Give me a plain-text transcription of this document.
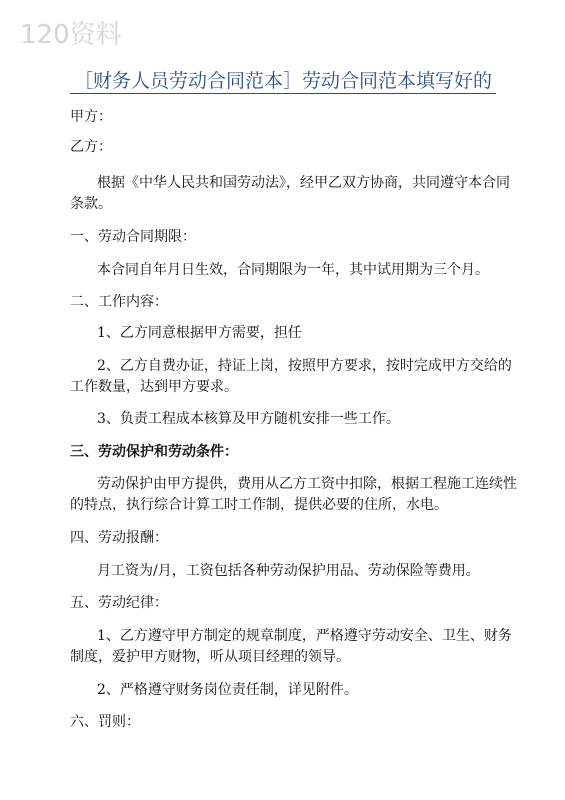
120资料
［财务人员劳动合同范本］劳动合同范本填写好的
甲方：
乙方：
根据《中华人民共和国劳动法》，经甲乙双方协商，共同遵守本合同
条款。
一、劳动合同期限：
本合同自年月日生效，合同期限为一年，其中试用期为三个月。
二、工作内容：
1、乙方同意根据甲方需要，担任
2、乙方自费办证，持证上岗，按照甲方要求，按时完成甲方交给的
工作数量，达到甲方要求。
3、负责工程成本核算及甲方随机安排一些工作。
三、劳动保护和劳动条件：
劳动保护由甲方提供，费用从乙方工资中扣除，根据工程施工连续性
的特点，执行综合计算工时工作制，提供必要的住所，水电。
四、劳动报酬：
月工资为/月，工资包括各种劳动保护用品、劳动保险等费用。
五、劳动纪律：
1、乙方遵守甲方制定的规章制度，严格遵守劳动安全、卫生、财务
制度，爱护甲方财物，听从项目经理的领导。
2、严格遵守财务岗位责任制，详见附件。
六、罚则：
